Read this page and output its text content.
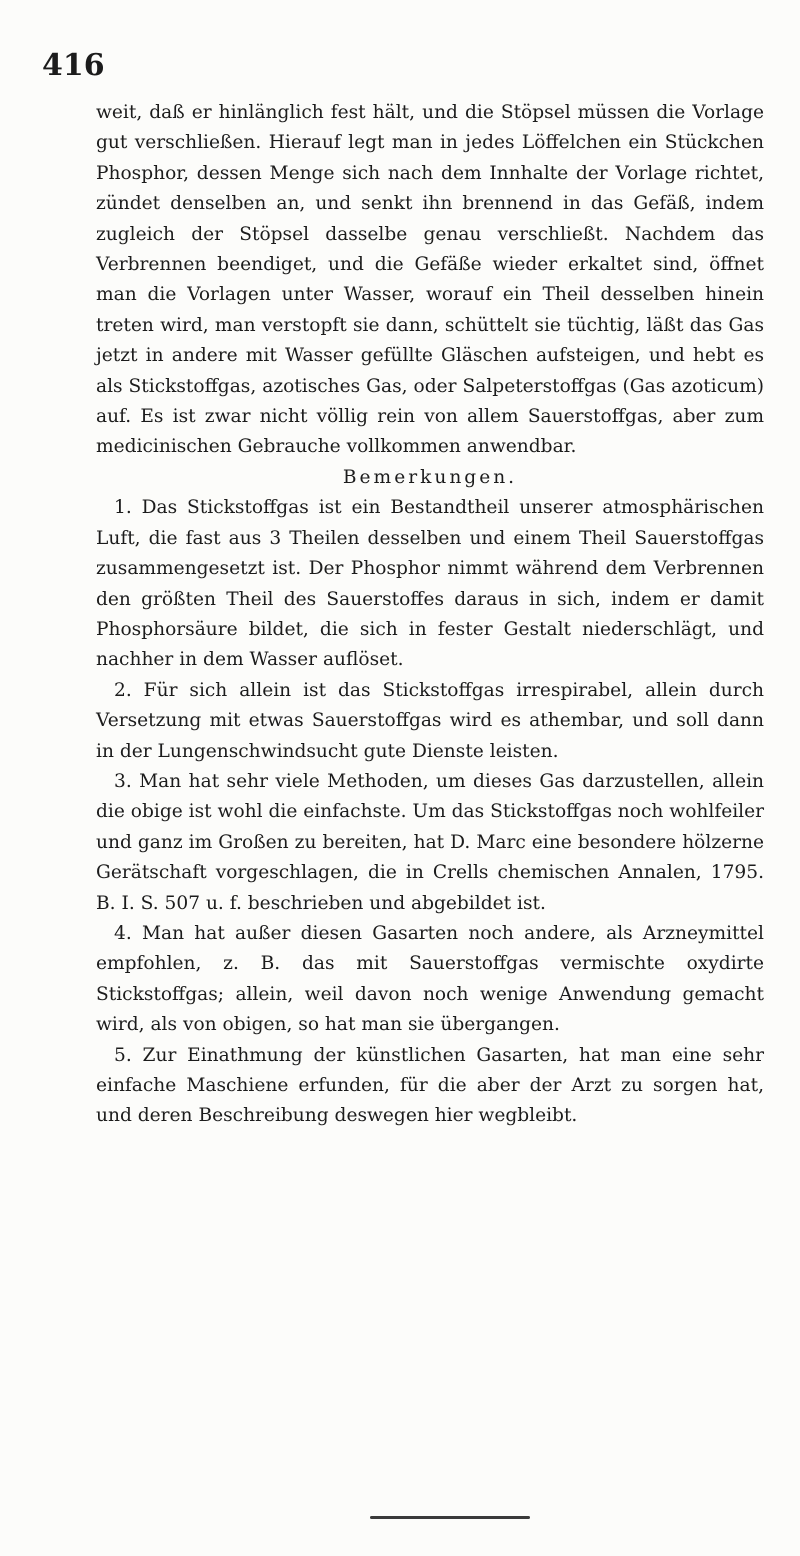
416

weit, daß er hinlänglich fest hält, und die Stöpsel müssen die Vorlage gut verschließen. Hierauf legt man in jedes Löffelchen ein Stückchen Phosphor, dessen Menge sich nach dem Innhalte der Vorlage richtet, zündet denselben an, und senkt ihn brennend in das Gefäß, indem zugleich der Stöpsel dasselbe genau verschließt. Nachdem das Verbrennen beendiget, und die Gefäße wieder erkaltet sind, öffnet man die Vorlagen unter Wasser, worauf ein Theil desselben hinein treten wird, man verstopft sie dann, schüttelt sie tüchtig, läßt das Gas jetzt in andere mit Wasser gefüllte Gläschen aufsteigen, und hebt es als Stickstoffgas, azotisches Gas, oder Salpeterstoffgas (Gas azoticum) auf. Es ist zwar nicht völlig rein von allem Sauerstoffgas, aber zum medicinischen Gebrauche vollkommen anwendbar.

Bemerkungen.

1. Das Stickstoffgas ist ein Bestandtheil unserer atmosphärischen Luft, die fast aus 3 Theilen desselben und einem Theil Sauerstoffgas zusammengesetzt ist. Der Phosphor nimmt während dem Verbrennen den größten Theil des Sauerstoffes daraus in sich, indem er damit Phosphorsäure bildet, die sich in fester Gestalt niederschlägt, und nachher in dem Wasser auflöset.

2. Für sich allein ist das Stickstoffgas irrespirabel, allein durch Versetzung mit etwas Sauerstoffgas wird es athembar, und soll dann in der Lungenschwindsucht gute Dienste leisten.

3. Man hat sehr viele Methoden, um dieses Gas darzustellen, allein die obige ist wohl die einfachste. Um das Stickstoffgas noch wohlfeiler und ganz im Großen zu bereiten, hat D. Marc eine besondere hölzerne Gerätschaft vorgeschlagen, die in Crells chemischen Annalen, 1795. B. I. S. 507 u. f. beschrieben und abgebildet ist.

4. Man hat außer diesen Gasarten noch andere, als Arzneymittel empfohlen, z. B. das mit Sauerstoffgas vermischte oxydirte Stickstoffgas; allein, weil davon noch wenige Anwendung gemacht wird, als von obigen, so hat man sie übergangen.

5. Zur Einathmung der künstlichen Gasarten, hat man eine sehr einfache Maschiene erfunden, für die aber der Arzt zu sorgen hat, und deren Beschreibung deswegen hier wegbleibt.
